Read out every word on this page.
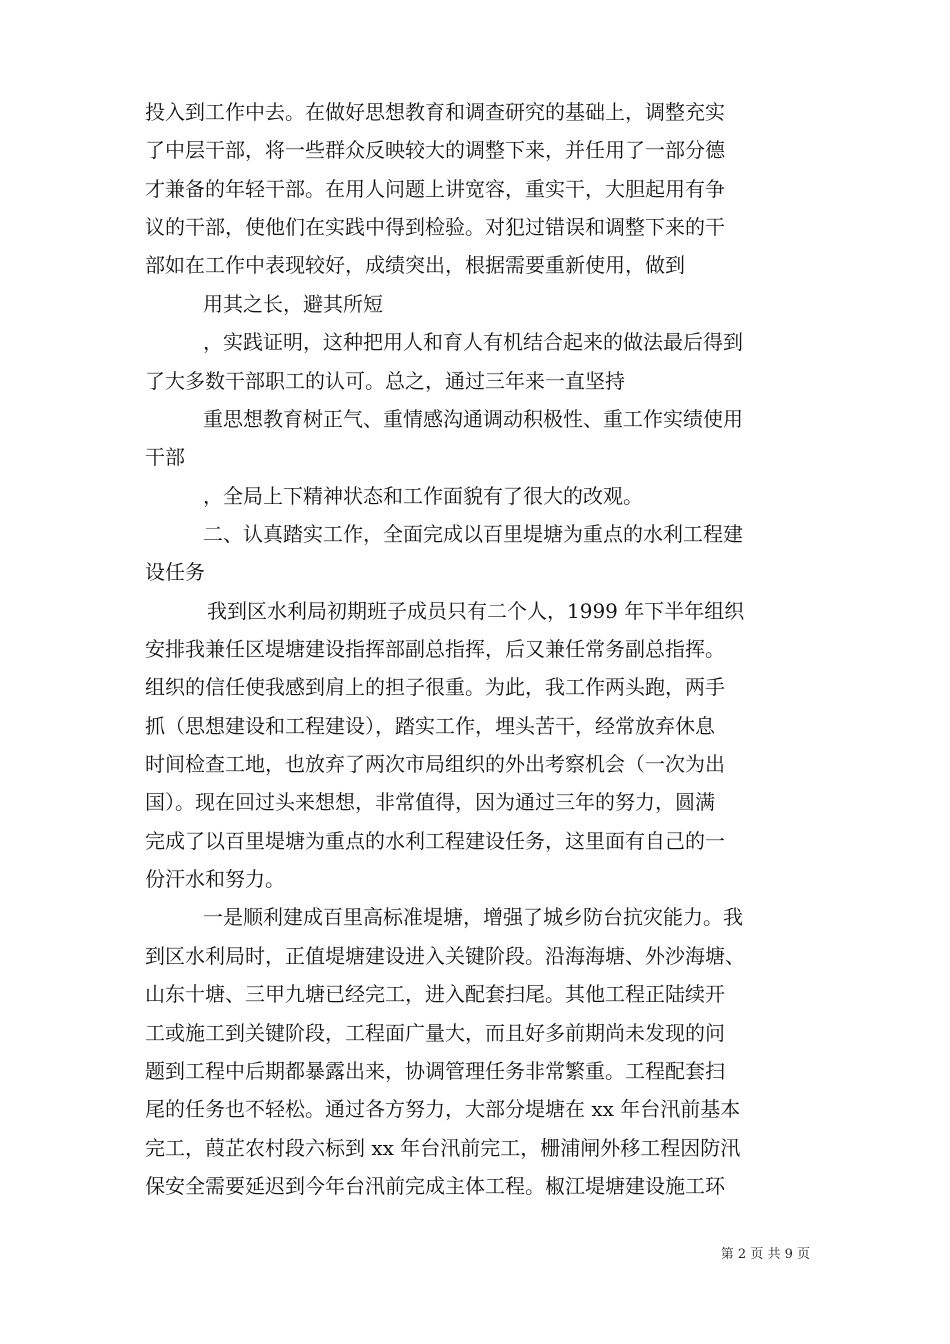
投入到工作中去。在做好思想教育和调查研究的基础上，调整充实
了中层干部，将一些群众反映较大的调整下来，并任用了一部分德
才兼备的年轻干部。在用人问题上讲宽容，重实干，大胆起用有争
议的干部，使他们在实践中得到检验。对犯过错误和调整下来的干
部如在工作中表现较好，成绩突出，根据需要重新使用，做到
用其之长，避其所短
，实践证明，这种把用人和育人有机结合起来的做法最后得到
了大多数干部职工的认可。总之，通过三年来一直坚持
重思想教育树正气、重情感沟通调动积极性、重工作实绩使用
干部
，全局上下精神状态和工作面貌有了很大的改观。
二、认真踏实工作，全面完成以百里堤塘为重点的水利工程建
设任务
我到区水利局初期班子成员只有二个人，1999 年下半年组织
安排我兼任区堤塘建设指挥部副总指挥，后又兼任常务副总指挥。
组织的信任使我感到肩上的担子很重。为此，我工作两头跑，两手
抓（思想建设和工程建设），踏实工作，埋头苦干，经常放弃休息
时间检查工地，也放弃了两次市局组织的外出考察机会（一次为出
国）。现在回过头来想想，非常值得，因为通过三年的努力，圆满
完成了以百里堤塘为重点的水利工程建设任务，这里面有自己的一
份汗水和努力。
一是顺利建成百里高标准堤塘，增强了城乡防台抗灾能力。我
到区水利局时，正值堤塘建设进入关键阶段。沿海海塘、外沙海塘、
山东十塘、三甲九塘已经完工，进入配套扫尾。其他工程正陆续开
工或施工到关键阶段，工程面广量大，而且好多前期尚未发现的问
题到工程中后期都暴露出来，协调管理任务非常繁重。工程配套扫
尾的任务也不轻松。通过各方努力，大部分堤塘在 xx 年台汛前基本
完工，葭芷农村段六标到 xx 年台汛前完工，栅浦闸外移工程因防汛
保安全需要延迟到今年台汛前完成主体工程。椒江堤塘建设施工环
第 2 页 共 9 页
